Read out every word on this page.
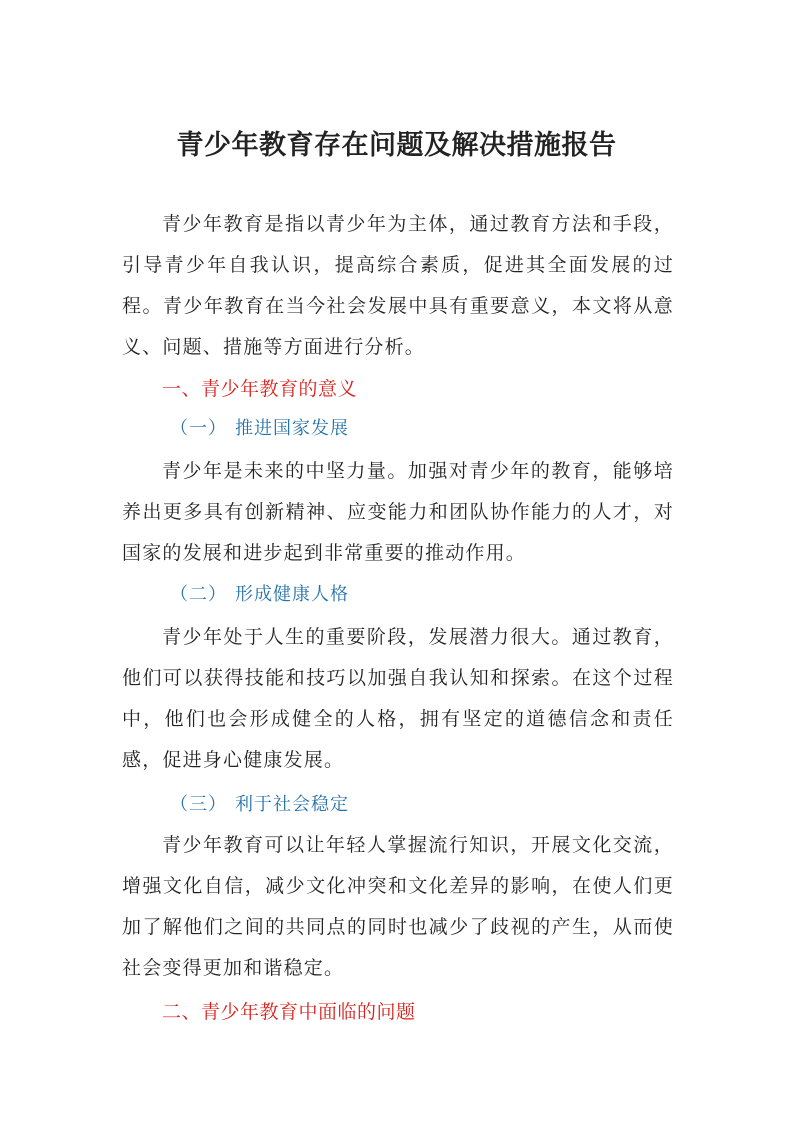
青少年教育存在问题及解决措施报告
青少年教育是指以青少年为主体，通过教育方法和手段，引导青少年自我认识，提高综合素质，促进其全面发展的过程。青少年教育在当今社会发展中具有重要意义，本文将从意义、问题、措施等方面进行分析。
一、青少年教育的意义
（一） 推进国家发展
青少年是未来的中坚力量。加强对青少年的教育，能够培养出更多具有创新精神、应变能力和团队协作能力的人才，对国家的发展和进步起到非常重要的推动作用。
（二） 形成健康人格
青少年处于人生的重要阶段，发展潜力很大。通过教育，他们可以获得技能和技巧以加强自我认知和探索。在这个过程中，他们也会形成健全的人格，拥有坚定的道德信念和责任感，促进身心健康发展。
（三） 利于社会稳定
青少年教育可以让年轻人掌握流行知识，开展文化交流，增强文化自信，减少文化冲突和文化差异的影响，在使人们更加了解他们之间的共同点的同时也减少了歧视的产生，从而使社会变得更加和谐稳定。
二、青少年教育中面临的问题
